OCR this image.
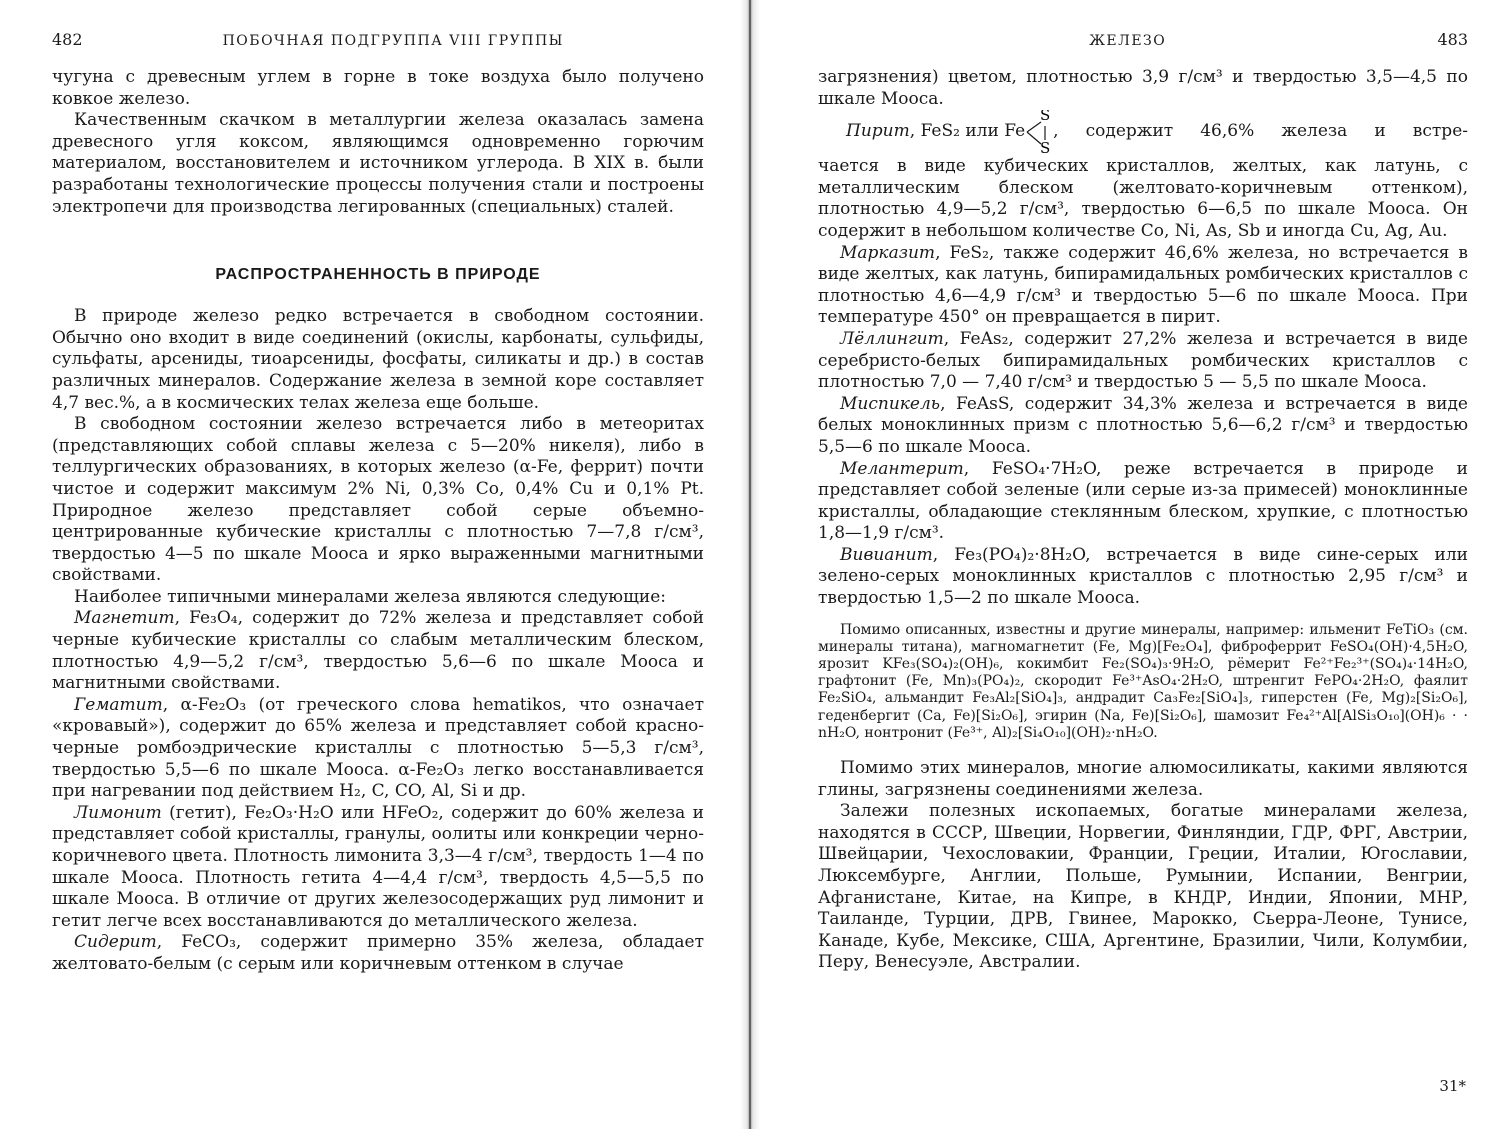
482	ПОБОЧНАЯ ПОДГРУППА VIII ГРУППЫ

чугуна с древесным углем в горне в токе воздуха было получено ковкое железо.

Качественным скачком в металлургии железа оказалась замена древесного угля коксом, являющимся одновременно горючим материалом, восстановителем и источником углерода. В XIX в. были разработаны технологические процессы получения стали и построены электропечи для производства легированных (специальных) сталей.

РАСПРОСТРАНЕННОСТЬ В ПРИРОДЕ

В природе железо редко встречается в свободном состоянии. Обычно оно входит в виде соединений (окислы, карбонаты, сульфиды, сульфаты, арсениды, тиоарсениды, фосфаты, силикаты и др.) в состав различных минералов. Содержание железа в земной коре составляет 4,7 вес.%, а в космических телах железа еще больше.

В свободном состоянии железо встречается либо в метеоритах (представляющих собой сплавы железа с 5—20% никеля), либо в теллургических образованиях, в которых железо (α-Fe, феррит) почти чистое и содержит максимум 2% Ni, 0,3% Co, 0,4% Cu и 0,1% Pt. Природное железо представляет собой серые объемно-центрированные кубические кристаллы с плотностью 7—7,8 г/см³, твердостью 4—5 по шкале Мооса и ярко выраженными магнитными свойствами.

Наиболее типичными минералами железа являются следующие:

Магнетит, Fe₃O₄, содержит до 72% железа и представляет собой черные кубические кристаллы со слабым металлическим блеском, плотностью 4,9—5,2 г/см³, твердостью 5,6—6 по шкале Мооса и магнитными свойствами.

Гематит, α-Fe₂O₃ (от греческого слова hematikos, что означает «кровавый»), содержит до 65% железа и представляет собой красно-черные ромбоэдрические кристаллы с плотностью 5—5,3 г/см³, твердостью 5,5—6 по шкале Мооса. α-Fe₂O₃ легко восстанавливается при нагревании под действием H₂, C, CO, Al, Si и др.

Лимонит (гетит), Fe₂O₃·H₂O или HFeO₂, содержит до 60% железа и представляет собой кристаллы, гранулы, оолиты или конкреции черно-коричневого цвета. Плотность лимонита 3,3—4 г/см³, твердость 1—4 по шкале Мооса. Плотность гетита 4—4,4 г/см³, твердость 4,5—5,5 по шкале Мооса. В отличие от других железосодержащих руд лимонит и гетит легче всех восстанавливаются до металлического железа.

Сидерит, FeCO₃, содержит примерно 35% железа, обладает желтовато-белым (с серым или коричневым оттенком в случае

ЖЕЛЕЗО	483

загрязнения) цветом, плотностью 3,9 г/см³ и твердостью 3,5—4,5 по шкале Мооса.

Пирит , FeS₂ или Fe
S
S
, содержит 46,6% железа и встре-

чается в виде кубических кристаллов, желтых, как латунь, с металлическим блеском (желтовато-коричневым оттенком), плотностью 4,9—5,2 г/см³, твердостью 6—6,5 по шкале Мооса. Он содержит в небольшом количестве Co, Ni, As, Sb и иногда Cu, Ag, Au.

Марказит, FeS₂, также содержит 46,6% железа, но встречается в виде желтых, как латунь, бипирамидальных ромбических кристаллов с плотностью 4,6—4,9 г/см³ и твердостью 5—6 по шкале Мооса. При температуре 450° он превращается в пирит.

Лёллингит, FeAs₂, содержит 27,2% железа и встречается в виде серебристо-белых бипирамидальных ромбических кристаллов с плотностью 7,0 — 7,40 г/см³ и твердостью 5 — 5,5 по шкале Мооса.

Миспикель, FeAsS, содержит 34,3% железа и встречается в виде белых моноклинных призм с плотностью 5,6—6,2 г/см³ и твердостью 5,5—6 по шкале Мооса.

Мелантерит, FeSO₄·7H₂O, реже встречается в природе и представляет собой зеленые (или серые из-за примесей) моноклинные кристаллы, обладающие стеклянным блеском, хрупкие, с плотностью 1,8—1,9 г/см³.

Вивианит, Fe₃(PO₄)₂·8H₂O, встречается в виде сине-серых или зелено-серых моноклинных кристаллов с плотностью 2,95 г/см³ и твердостью 1,5—2 по шкале Мооса.

Помимо описанных, известны и другие минералы, например: ильменит FeTiO₃ (см. минералы титана), магномагнетит (Fe, Mg)[Fe₂O₄], фиброферрит FeSO₄(OH)·4,5H₂O, ярозит KFe₃(SO₄)₂(OH)₆, кокимбит Fe₂(SO₄)₃·9H₂O, рёмерит Fe²⁺Fe₂³⁺(SO₄)₄·14H₂O, графтонит (Fe, Mn)₃(PO₄)₂, скородит Fe³⁺AsO₄·2H₂O, штренгит FePO₄·2H₂O, фаялит Fe₂SiO₄, альмандит Fe₃Al₂[SiO₄]₃, андрадит Ca₃Fe₂[SiO₄]₃, гиперстен (Fe, Mg)₂[Si₂O₆], геденбергит (Ca, Fe)[Si₂O₆], эгирин (Na, Fe)[Si₂O₆], шамозит Fe₄²⁺Al[AlSi₃O₁₀](OH)₆ · · nH₂O, нонтронит (Fe³⁺, Al)₂[Si₄O₁₀](OH)₂·nH₂O.

Помимо этих минералов, многие алюмосиликаты, какими являются глины, загрязнены соединениями железа.

Залежи полезных ископаемых, богатые минералами железа, находятся в СССР, Швеции, Норвегии, Финляндии, ГДР, ФРГ, Австрии, Швейцарии, Чехословакии, Франции, Греции, Италии, Югославии, Люксембурге, Англии, Польше, Румынии, Испании, Венгрии, Афганистане, Китае, на Кипре, в КНДР, Индии, Японии, МНР, Таиланде, Турции, ДРВ, Гвинее, Марокко, Сьерра-Леоне, Тунисе, Канаде, Кубе, Мексике, США, Аргентине, Бразилии, Чили, Колумбии, Перу, Венесуэле, Австралии.

31*
